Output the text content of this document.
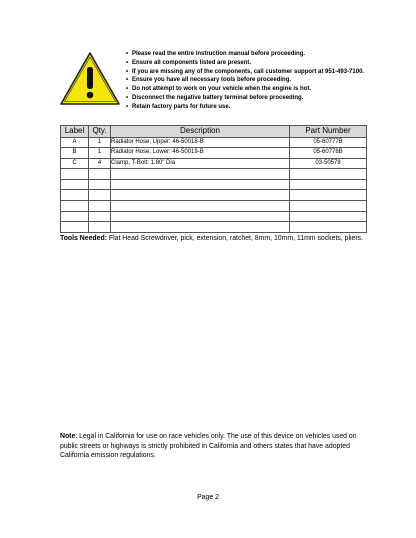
• Please read the entire instruction manual before proceeding.
• Ensure all components listed are present.
• If you are missing any of the components, call customer support at 951-493-7100.
• Ensure you have all necessary tools before proceeding.
• Do not attempt to work on your vehicle when the engine is hot.
• Disconnect the negative battery terminal before proceeding.
• Retain factory parts for future use.
Label	Qty.	Description	Part Number
A	1	Radiator Hose, Upper: 46-50018-B	05-60777B
B	1	Radiator Hose, Lower: 46-50019-B	05-60778B
C	4	Clamp, T-Bolt: 1.80" Dia	03-50578

Tools Needed: Flat Head Screwdriver, pick, extension, ratchet, 8mm, 10mm, 11mm sockets, pliers.
Note: Legal in California for use on race vehicles only. The use of this device on vehicles used on public streets or highways is strictly prohibited in California and others states that have adopted California emission regulations.
Page 2
